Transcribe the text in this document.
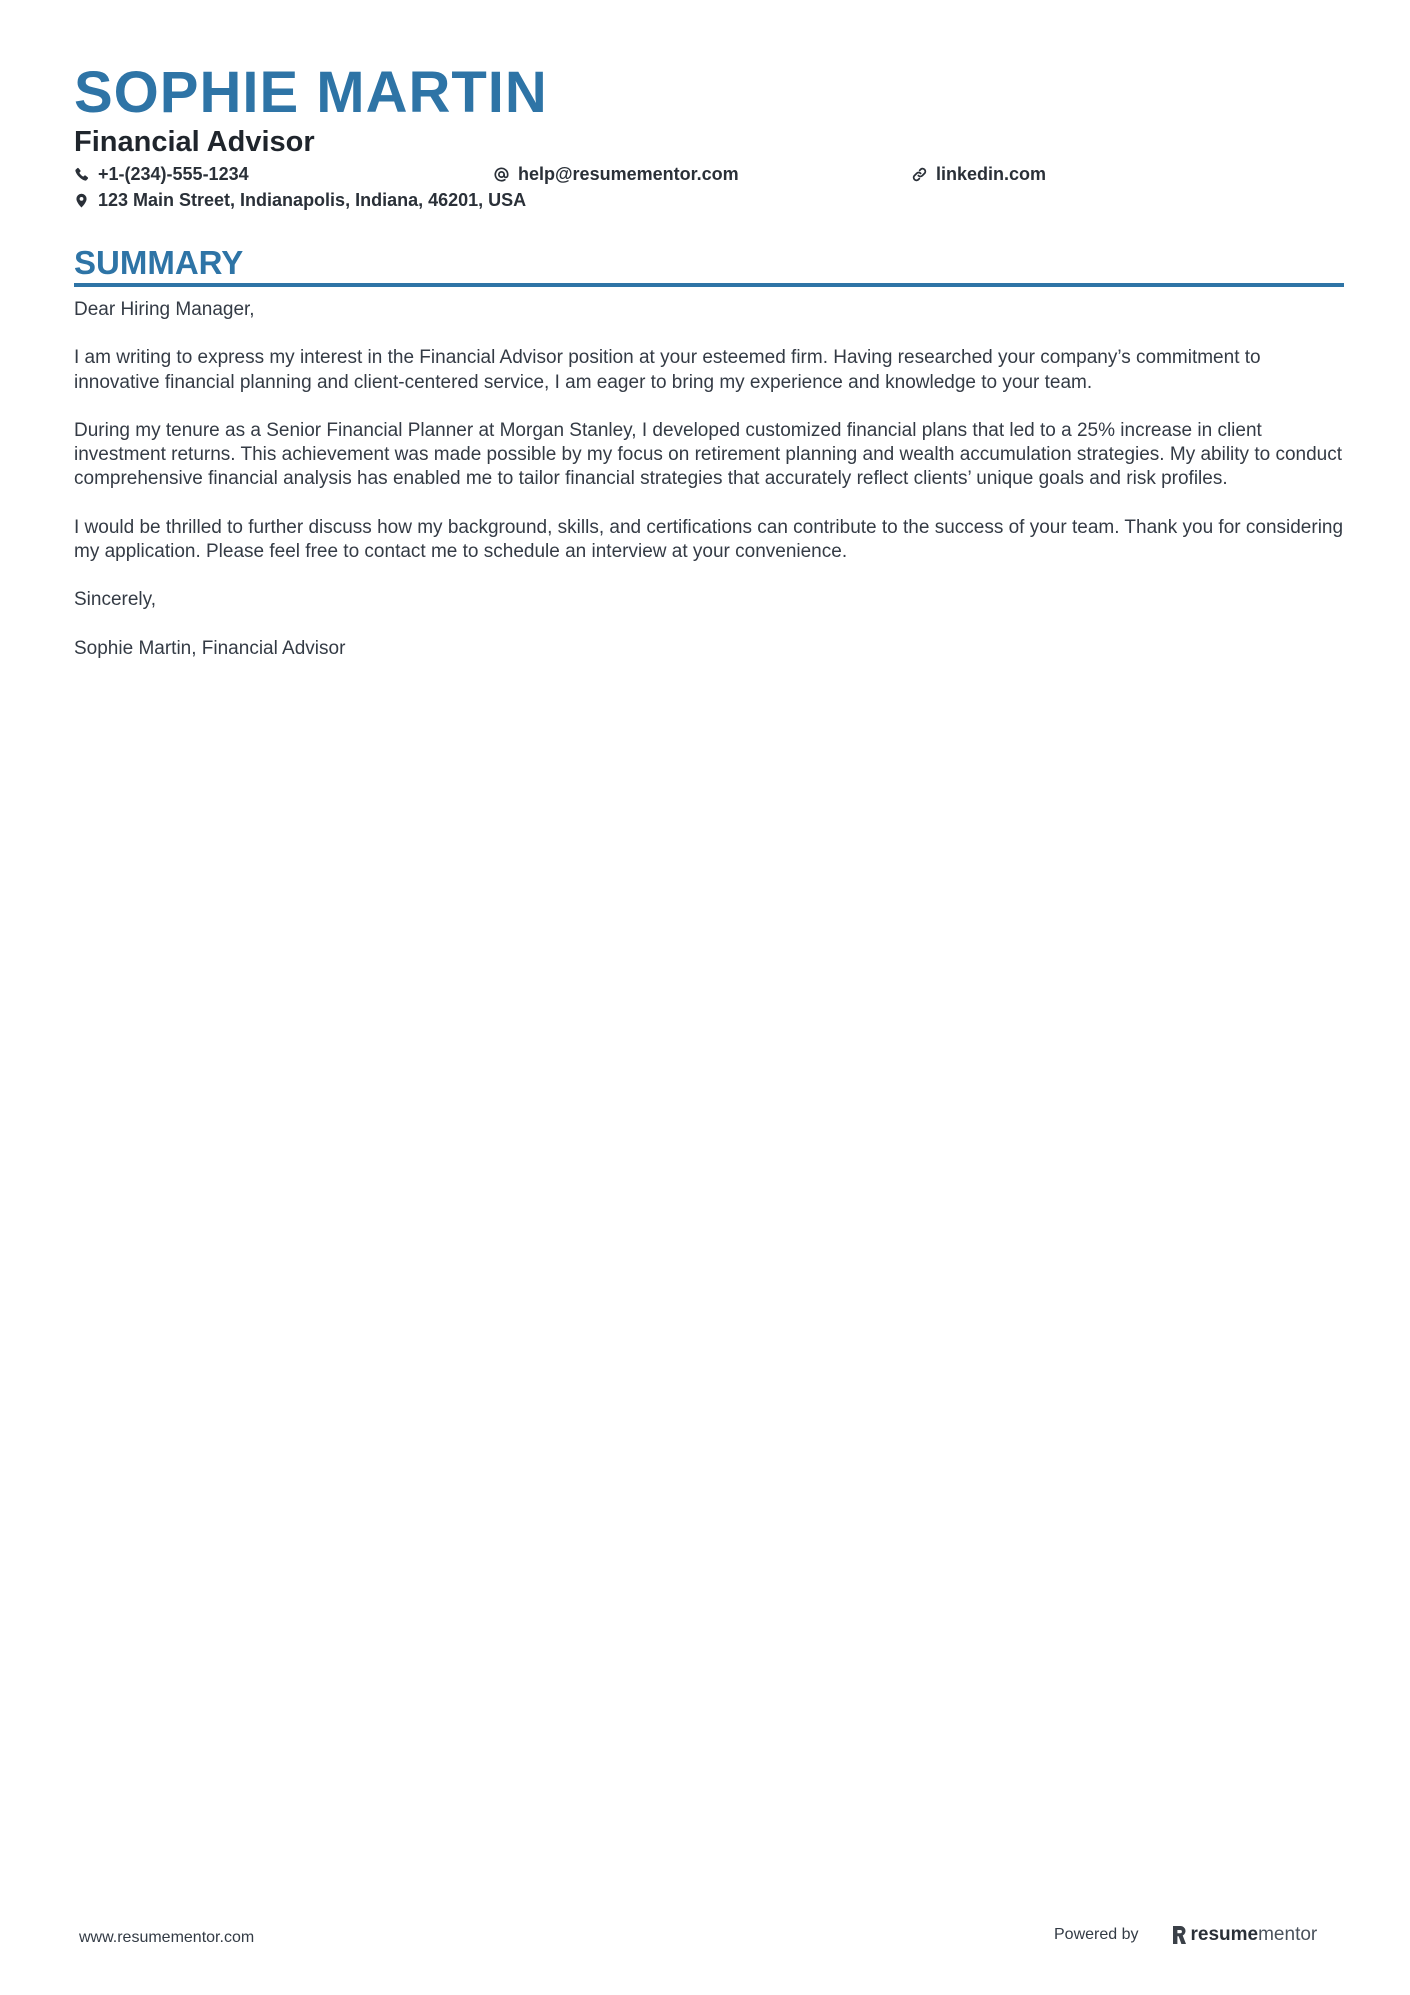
SOPHIE MARTIN
Financial Advisor
+1-(234)-555-1234	help@resumementor.com	linkedin.com
123 Main Street, Indianapolis, Indiana, 46201, USA
SUMMARY

Dear Hiring Manager,

I am writing to express my interest in the Financial Advisor position at your esteemed firm. Having researched your company’s commitment to innovative financial planning and client-centered service, I am eager to bring my experience and knowledge to your team.

During my tenure as a Senior Financial Planner at Morgan Stanley, I developed customized financial plans that led to a 25% increase in client investment returns. This achievement was made possible by my focus on retirement planning and wealth accumulation strategies. My ability to conduct comprehensive financial analysis has enabled me to tailor financial strategies that accurately reflect clients’ unique goals and risk profiles.

I would be thrilled to further discuss how my background, skills, and certifications can contribute to the success of your team. Thank you for considering my application. Please feel free to contact me to schedule an interview at your convenience.

Sincerely,

Sophie Martin, Financial Advisor

www.resumementor.com	Powered by	resume mentor
